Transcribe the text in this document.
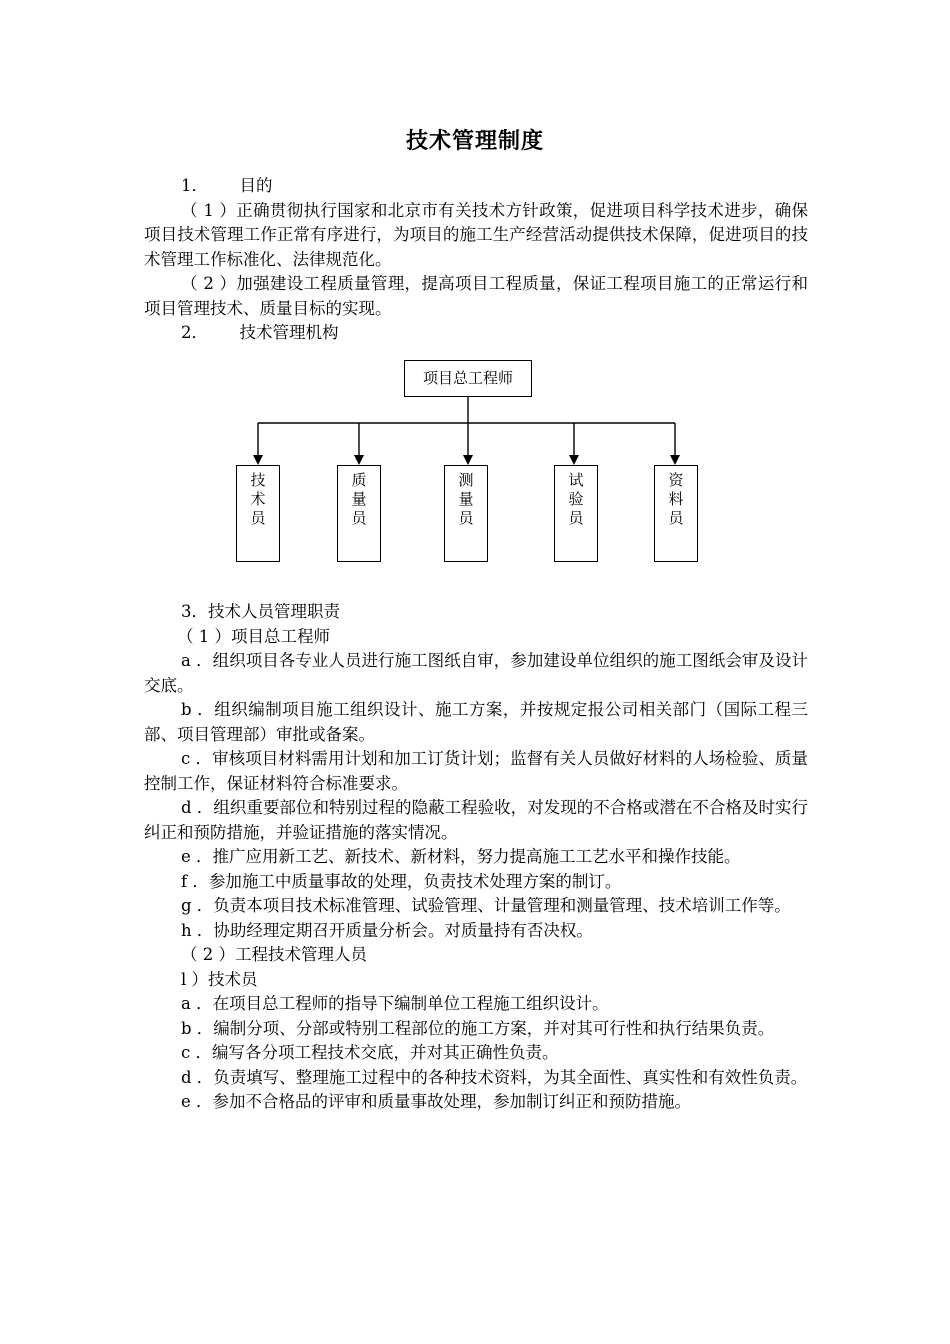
技术管理制度

1． 目的

（ 1 ）正确贯彻执行国家和北京市有关技术方针政策，促进项目科学技术进步，确保项目技术管理工作正常有序进行，为项目的施工生产经营活动提供技术保障，促进项目的技术管理工作标准化、法律规范化。

（ 2 ）加强建设工程质量管理，提高项目工程质量，保证工程项目施工的正常运行和项目管理技术、质量目标的实现。

2． 技术管理机构

项目总工程师
技
术
员
质
量
员
测
量
员
试
验
员
资
料
员

3．技术人员管理职责

（ 1 ）项目总工程师

a ．组织项目各专业人员进行施工图纸自审，参加建设单位组织的施工图纸会审及设计交底。

b ．组织编制项目施工组织设计、施工方案，并按规定报公司相关部门（国际工程三部、项目管理部）审批或备案。

c ．审核项目材料需用计划和加工订货计划；监督有关人员做好材料的人场检验、质量控制工作，保证材料符合标准要求。

d ．组织重要部位和特别过程的隐蔽工程验收，对发现的不合格或潜在不合格及时实行纠正和预防措施，并验证措施的落实情况。

e ．推广应用新工艺、新技术、新材料，努力提高施工工艺水平和操作技能。

f ．参加施工中质量事故的处理，负责技术处理方案的制订。

g ．负责本项目技术标准管理、试验管理、计量管理和测量管理、技术培训工作等。

h ．协助经理定期召开质量分析会。对质量持有否决权。

（ 2 ）工程技术管理人员

l ）技术员

a ．在项目总工程师的指导下编制单位工程施工组织设计。

b ．编制分项、分部或特别工程部位的施工方案，并对其可行性和执行结果负责。

c ．编写各分项工程技术交底，并对其正确性负责。

d ．负责填写、整理施工过程中的各种技术资料，为其全面性、真实性和有效性负责。

e ．参加不合格品的评审和质量事故处理，参加制订纠正和预防措施。
